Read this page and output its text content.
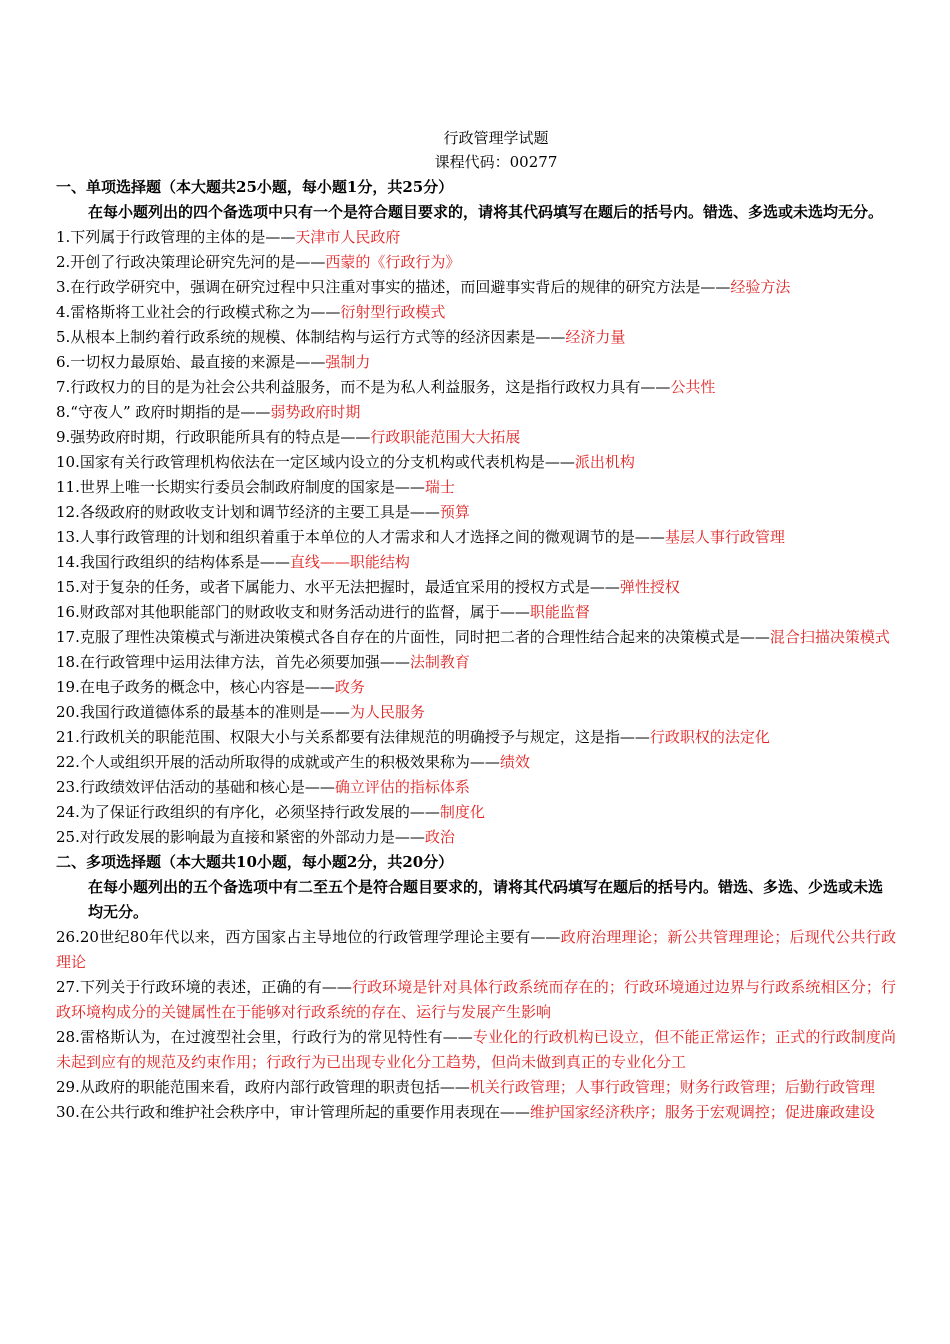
行政管理学试题
课程代码：00277
一、单项选择题（本大题共25小题，每小题1分，共25分）
在每小题列出的四个备选项中只有一个是符合题目要求的，请将其代码填写在题后的括号内。错选、多选或未选均无分。
1.下列属于行政管理的主体的是——天津市人民政府
2.开创了行政决策理论研究先河的是——西蒙的《行政行为》
3.在行政学研究中，强调在研究过程中只注重对事实的描述，而回避事实背后的规律的研究方法是——经验方法
4.雷格斯将工业社会的行政模式称之为——衍射型行政模式
5.从根本上制约着行政系统的规模、体制结构与运行方式等的经济因素是——经济力量
6.一切权力最原始、最直接的来源是——强制力
7.行政权力的目的是为社会公共利益服务，而不是为私人利益服务，这是指行政权力具有——公共性
8.“守夜人” 政府时期指的是——弱势政府时期
9.强势政府时期，行政职能所具有的特点是——行政职能范围大大拓展
10.国家有关行政管理机构依法在一定区域内设立的分支机构或代表机构是——派出机构
11.世界上唯一长期实行委员会制政府制度的国家是——瑞士
12.各级政府的财政收支计划和调节经济的主要工具是——预算
13.人事行政管理的计划和组织着重于本单位的人才需求和人才选择之间的微观调节的是——基层人事行政管理
14.我国行政组织的结构体系是——直线——职能结构
15.对于复杂的任务，或者下属能力、水平无法把握时，最适宜采用的授权方式是——弹性授权
16.财政部对其他职能部门的财政收支和财务活动进行的监督，属于——职能监督
17.克服了理性决策模式与渐进决策模式各自存在的片面性，同时把二者的合理性结合起来的决策模式是——混合扫描决策模式
18.在行政管理中运用法律方法，首先必须要加强——法制教育
19.在电子政务的概念中，核心内容是——政务
20.我国行政道德体系的最基本的准则是——为人民服务
21.行政机关的职能范围、权限大小与关系都要有法律规范的明确授予与规定，这是指——行政职权的法定化
22.个人或组织开展的活动所取得的成就或产生的积极效果称为——绩效
23.行政绩效评估活动的基础和核心是——确立评估的指标体系
24.为了保证行政组织的有序化，必须坚持行政发展的——制度化
25.对行政发展的影响最为直接和紧密的外部动力是——政治
二、多项选择题（本大题共10小题，每小题2分，共20分）
在每小题列出的五个备选项中有二至五个是符合题目要求的，请将其代码填写在题后的括号内。错选、多选、少选或未选均无分。
26.20世纪80年代以来，西方国家占主导地位的行政管理学理论主要有——政府治理理论；新公共管理理论；后现代公共行政理论
27.下列关于行政环境的表述，正确的有——行政环境是针对具体行政系统而存在的；行政环境通过边界与行政系统相区分；行政环境构成分的关键属性在于能够对行政系统的存在、运行与发展产生影响
28.雷格斯认为，在过渡型社会里，行政行为的常见特性有——专业化的行政机构已设立，但不能正常运作；正式的行政制度尚未起到应有的规范及约束作用；行政行为已出现专业化分工趋势，但尚未做到真正的专业化分工
29.从政府的职能范围来看，政府内部行政管理的职责包括——机关行政管理；人事行政管理；财务行政管理；后勤行政管理
30.在公共行政和维护社会秩序中，审计管理所起的重要作用表现在——维护国家经济秩序；服务于宏观调控；促进廉政建设
